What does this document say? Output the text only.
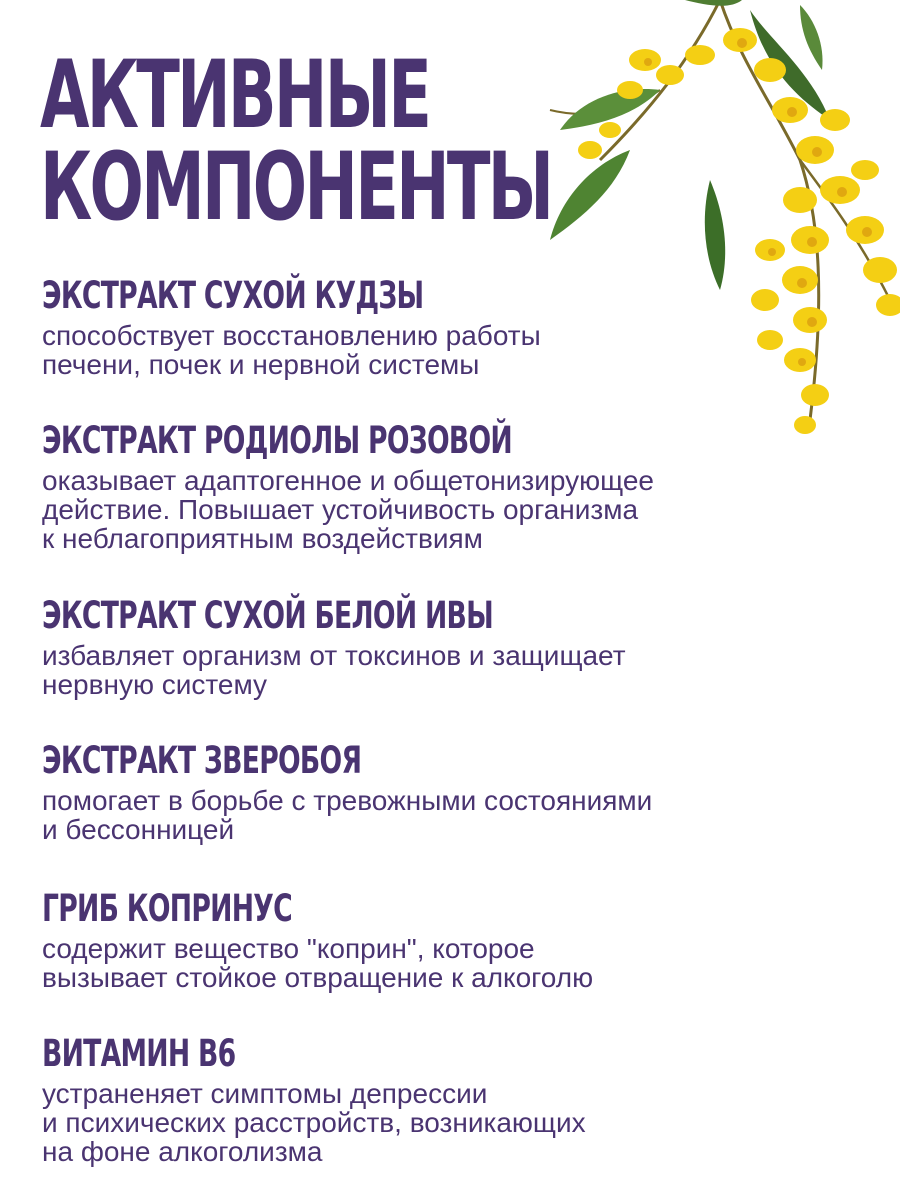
АКТИВНЫЕ
КОМПОНЕНТЫ
ЭКСТРАКТ СУХОЙ КУДЗЫ

способствует восстановлению работы
печени, почек и нервной системы

ЭКСТРАКТ РОДИОЛЫ РОЗОВОЙ

оказывает адаптогенное и общетонизирующее
действие. Повышает устойчивость организма
к неблагоприятным воздействиям

ЭКСТРАКТ СУХОЙ БЕЛОЙ ИВЫ

избавляет организм от токсинов и защищает
нервную систему

ЭКСТРАКТ ЗВЕРОБОЯ

помогает в борьбе с тревожными состояниями
и бессонницей

ГРИБ КОПРИНУС

содержит вещество "коприн", которое
вызывает стойкое отвращение к алкоголю

ВИТАМИН В6

устраненяет симптомы депрессии
и психических расстройств, возникающих
на фоне алкоголизма
